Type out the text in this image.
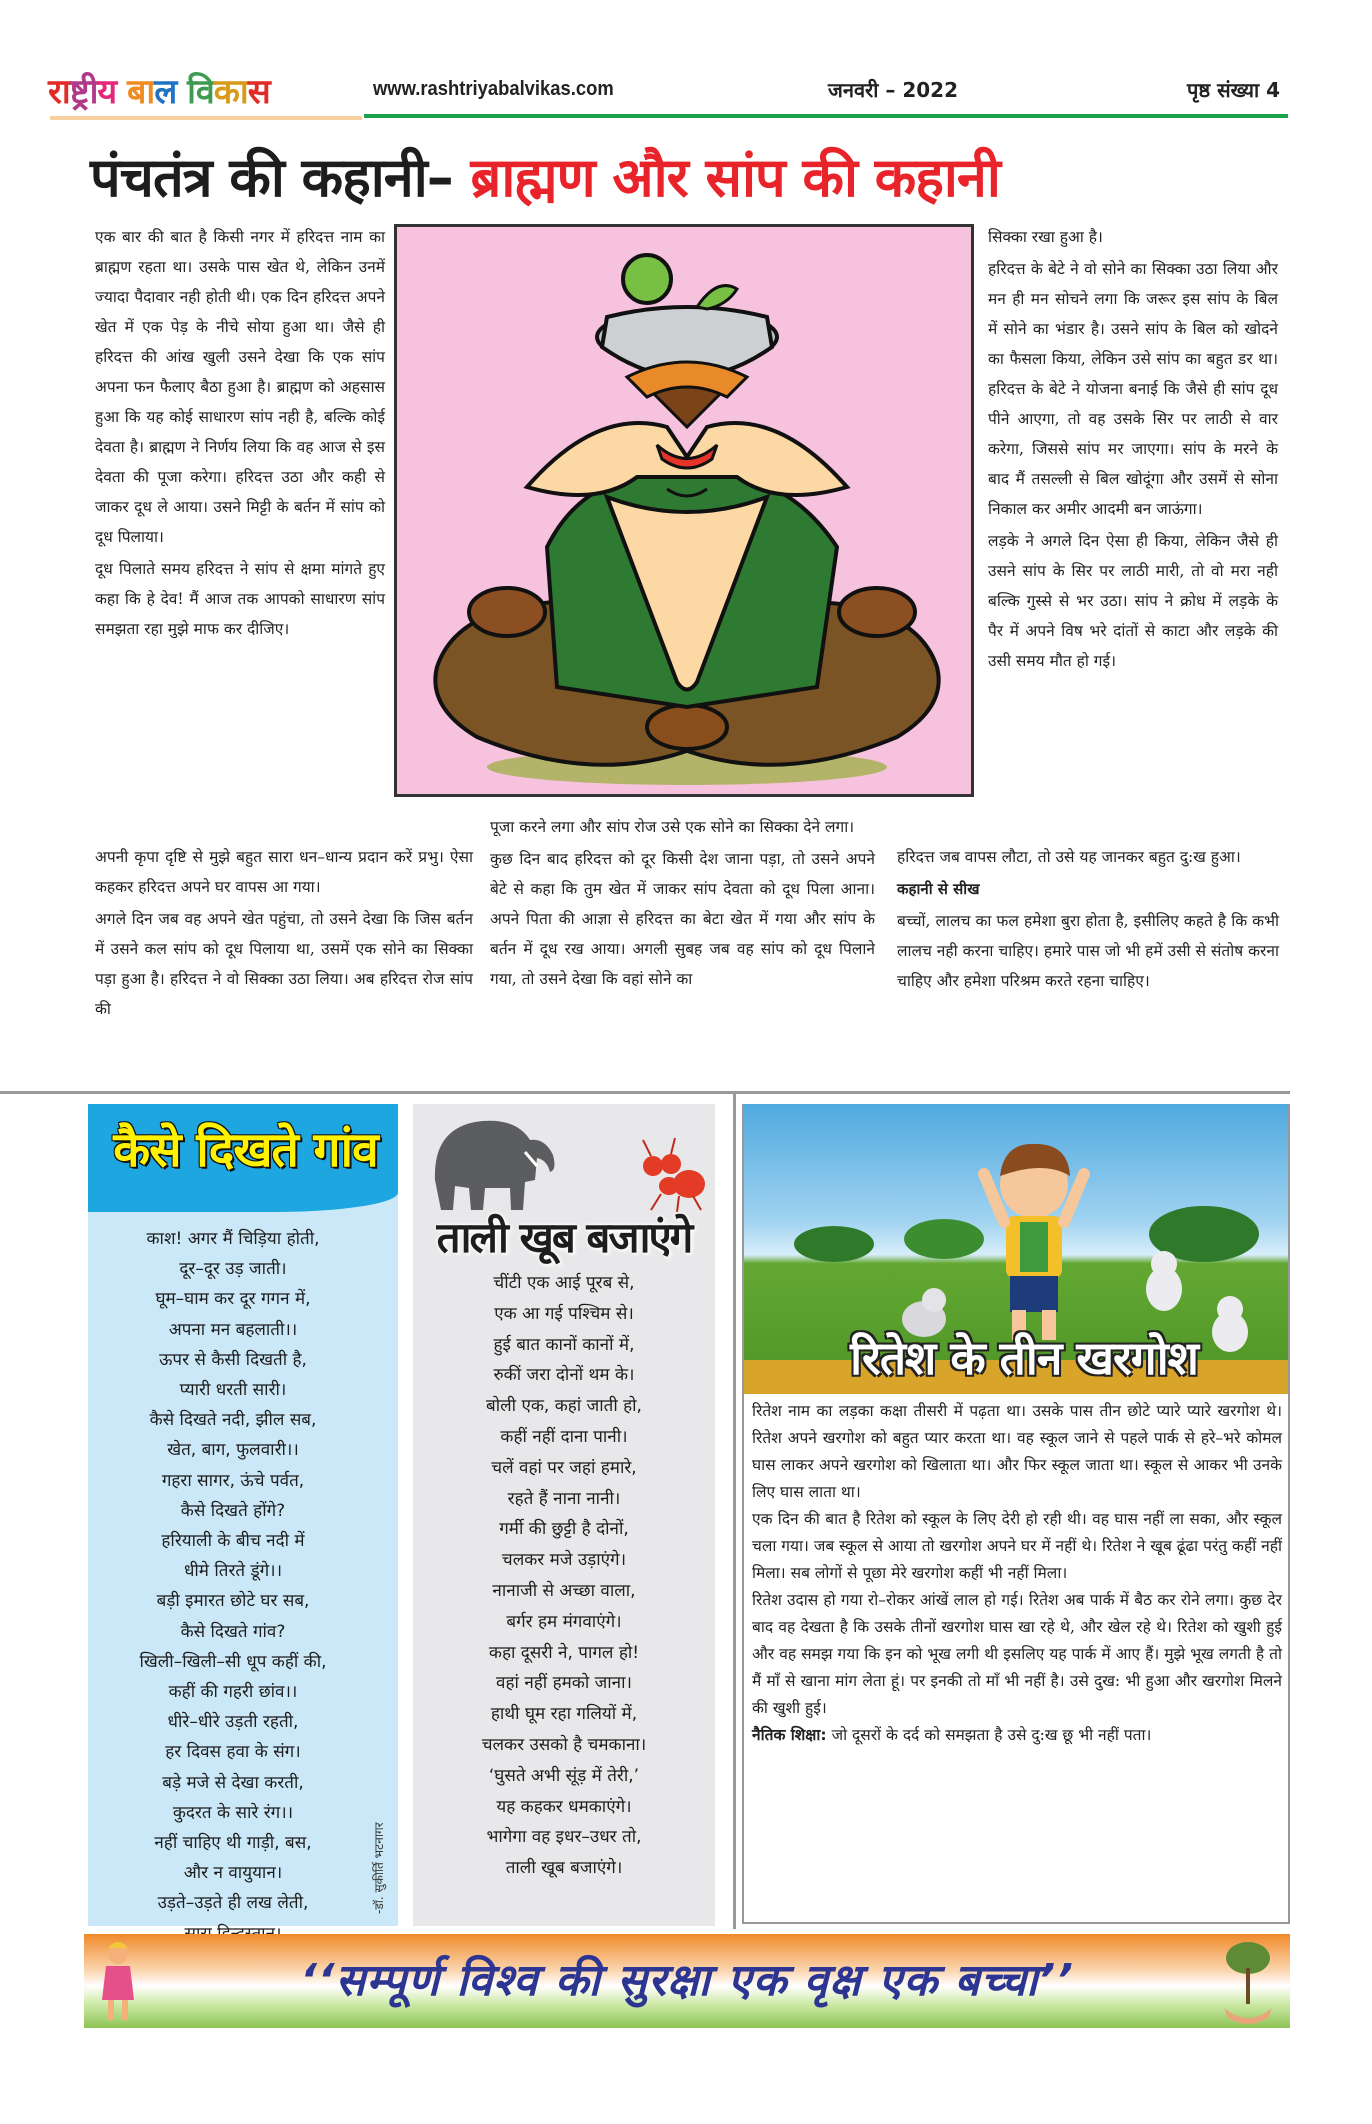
राष्ट्रीय बाल विकास	www.rashtriyabalvikas.com	जनवरी – 2022	पृष्ठ संख्या 4
पंचतंत्र की कहानी– ब्राह्मण और सांप की कहानी

एक बार की बात है किसी नगर में हरिदत्त नाम का ब्राह्मण रहता था। उसके पास खेत थे, लेकिन उनमें ज्यादा पैदावार नही होती थी। एक दिन हरिदत्त अपने खेत में एक पेड़ के नीचे सोया हुआ था। जैसे ही हरिदत्त की आंख खुली उसने देखा कि एक सांप अपना फन फैलाए बैठा हुआ है। ब्राह्मण को अहसास हुआ कि यह कोई साधारण सांप नही है, बल्कि कोई देवता है। ब्राह्मण ने निर्णय लिया कि वह आज से इस देवता की पूजा करेगा। हरिदत्त उठा और कही से जाकर दूध ले आया। उसने मिट्टी के बर्तन में सांप को दूध पिलाया।

दूध पिलाते समय हरिदत्त ने सांप से क्षमा मांगते हुए कहा कि हे देव! मैं आज तक आपको साधारण सांप समझता रहा मुझे माफ कर दीजिए।

अपनी कृपा दृष्टि से मुझे बहुत सारा धन–धान्य प्रदान करें प्रभु। ऐसा कहकर हरिदत्त अपने घर वापस आ गया।

अगले दिन जब वह अपने खेत पहुंचा, तो उसने देखा कि जिस बर्तन में उसने कल सांप को दूध पिलाया था, उसमें एक सोने का सिक्का पड़ा हुआ है। हरिदत्त ने वो सिक्का उठा लिया। अब हरिदत्त रोज सांप की

पूजा करने लगा और सांप रोज उसे एक सोने का सिक्का देने लगा।

कुछ दिन बाद हरिदत्त को दूर किसी देश जाना पड़ा, तो उसने अपने बेटे से कहा कि तुम खेत में जाकर सांप देवता को दूध पिला आना। अपने पिता की आज्ञा से हरिदत्त का बेटा खेत में गया और सांप के बर्तन में दूध रख आया। अगली सुबह जब वह सांप को दूध पिलाने गया, तो उसने देखा कि वहां सोने का

सिक्का रखा हुआ है।

हरिदत्त के बेटे ने वो सोने का सिक्का उठा लिया और मन ही मन सोचने लगा कि जरूर इस सांप के बिल में सोने का भंडार है। उसने सांप के बिल को खोदने का फैसला किया, लेकिन उसे सांप का बहुत डर था। हरिदत्त के बेटे ने योजना बनाई कि जैसे ही सांप दूध पीने आएगा, तो वह उसके सिर पर लाठी से वार करेगा, जिससे सांप मर जाएगा। सांप के मरने के बाद मैं तसल्ली से बिल खोदूंगा और उसमें से सोना निकाल कर अमीर आदमी बन जाऊंगा।

लड़के ने अगले दिन ऐसा ही किया, लेकिन जैसे ही उसने सांप के सिर पर लाठी मारी, तो वो मरा नही बल्कि गुस्से से भर उठा। सांप ने क्रोध में लड़के के पैर में अपने विष भरे दांतों से काटा और लड़के की उसी समय मौत हो गई।

हरिदत्त जब वापस लौटा, तो उसे यह जानकर बहुत दु:ख हुआ।

कहानी से सीख

बच्चों, लालच का फल हमेशा बुरा होता है, इसीलिए कहते है कि कभी लालच नही करना चाहिए। हमारे पास जो भी हमें उसी से संतोष करना चाहिए और हमेशा परिश्रम करते रहना चाहिए।

कैसे दिखते गांव
काश! अगर मैं चिड़िया होती,
दूर–दूर उड़ जाती।
घूम–घाम कर दूर गगन में,
अपना मन बहलाती।।
ऊपर से कैसी दिखती है,
प्यारी धरती सारी।
कैसे दिखते नदी, झील सब,
खेत, बाग, फुलवारी।।
गहरा सागर, ऊंचे पर्वत,
कैसे दिखते होंगे?
हरियाली के बीच नदी में
धीमे तिरते डूंगे।।
बड़ी इमारत छोटे घर सब,
कैसे दिखते गांव?
खिली–खिली–सी धूप कहीं की,
कहीं की गहरी छांव।।
धीरे–धीरे उड़ती रहती,
हर दिवस हवा के संग।
बड़े मजे से देखा करती,
कुदरत के सारे रंग।।
नहीं चाहिए थी गाड़ी, बस,
और न वायुयान।
उड़ते–उड़ते ही लख लेती,	-डॉ. सुकीर्ति भटनागर
ताली खूब बजाएंगे
चींटी एक आई पूरब से,
एक आ गई पश्चिम से।
हुई बात कानों कानों में,
रुकीं जरा दोनों थम के।
बोली एक, कहां जाती हो,
कहीं नहीं दाना पानी।
चलें वहां पर जहां हमारे,
रहते हैं नाना नानी।
गर्मी की छुट्टी है दोनों,
चलकर मजे उड़ाएंगे।
नानाजी से अच्छा वाला,
बर्गर हम मंगवाएंगे।
कहा दूसरी ने, पागल हो!
वहां नहीं हमको जाना।
हाथी घूम रहा गलियों में,
चलकर उसको है चमकाना।
‘घुसते अभी सूंड़ में तेरी,’
यह कहकर धमकाएंगे।
भागेगा वह इधर–उधर तो,
ताली खूब बजाएंगे।
रितेश के तीन खरगोश

रितेश नाम का लड़का कक्षा तीसरी में पढ़ता था। उसके पास तीन छोटे प्यारे प्यारे खरगोश थे। रितेश अपने खरगोश को बहुत प्यार करता था। वह स्कूल जाने से पहले पार्क से हरे–भरे कोमल घास लाकर अपने खरगोश को खिलाता था। और फिर स्कूल जाता था। स्कूल से आकर भी उनके लिए घास लाता था।

एक दिन की बात है रितेश को स्कूल के लिए देरी हो रही थी। वह घास नहीं ला सका, और स्कूल चला गया। जब स्कूल से आया तो खरगोश अपने घर में नहीं थे। रितेश ने खूब ढूंढा परंतु कहीं नहीं मिला। सब लोगों से पूछा मेरे खरगोश कहीं भी नहीं मिला।

रितेश उदास हो गया रो–रोकर आंखें लाल हो गई। रितेश अब पार्क में बैठ कर रोने लगा। कुछ देर बाद वह देखता है कि उसके तीनों खरगोश घास खा रहे थे, और खेल रहे थे। रितेश को खुशी हुई और वह समझ गया कि इन को भूख लगी थी इसलिए यह पार्क में आए हैं। मुझे भूख लगती है तो मैं माँ से खाना मांग लेता हूं। पर इनकी तो माँ भी नहीं है। उसे दुख: भी हुआ और खरगोश मिलने की खुशी हुई।

नैतिक शिक्षा: जो दूसरों के दर्द को समझता है उसे दु:ख छू भी नहीं पता।

‘‘सम्पूर्ण विश्व की सुरक्षा एक वृक्ष एक बच्चा’’
